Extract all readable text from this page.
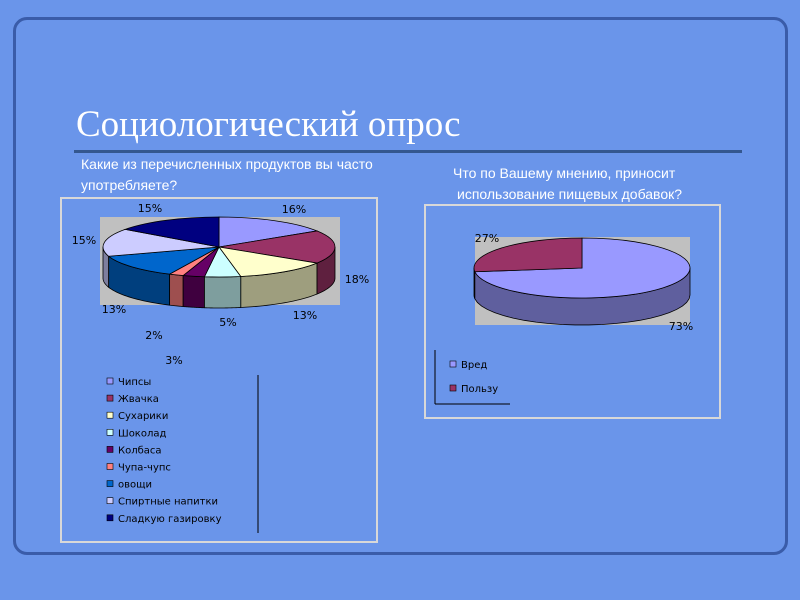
Социологический опрос
Какие из перечисленных продуктов вы часто употребляете?
Что по Вашему мнению, приносит
использование пищевых добавок?
16%
18%
13%
5%
3%
2%
13%
15%
15%
Чипсы
Жвачка
Сухарики
Шоколад
Колбаса
Чупа-чупс
овощи
Спиртные напитки
Сладкую газировку
73%
27%
Вред
Пользу
